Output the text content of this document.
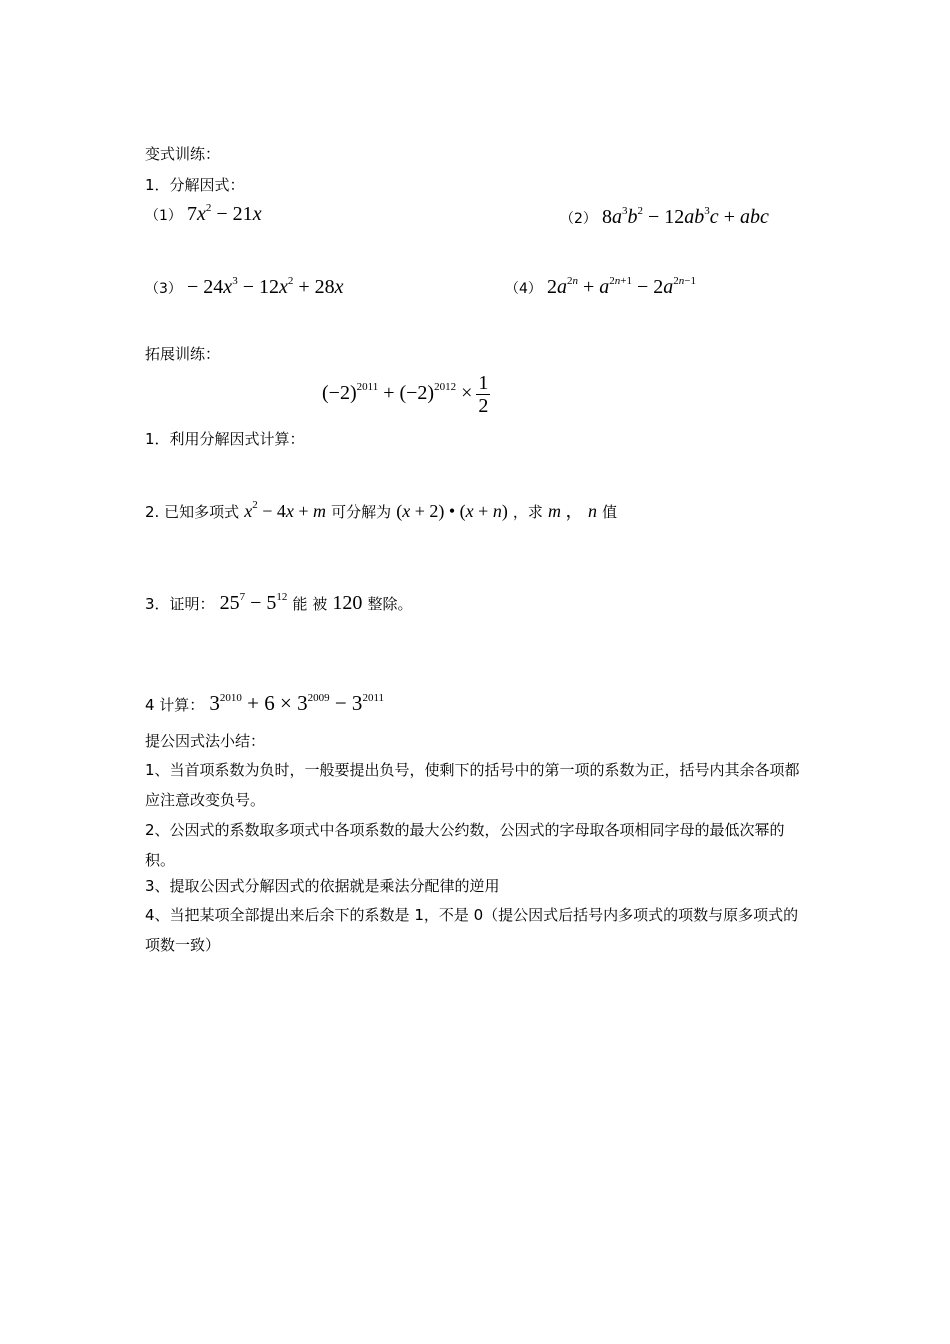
变式训练：
1．分解因式：
（1） $7x^2 - 21x$	（2） $8a^3b^2 - 12ab^3c$ + abc
$(3) - 24x^3 - 12x^2 + 28x$	（4） $2a^{2n} + a^{2n+1} - 2a^{2n-1}$
拓展训练：
$(-2)^{2011} + (-2)^{2012} \times \frac{1}{2}$
1．利用分解因式计算：
2. 已知多项式 $x^2 - 4x + m$ 可分解为 (x + 2) • (x + n) ，求 m ， n 值
3．证明： $25^7 - 5^{12}$ 能 被 120 整除。
4 计算： $3^{2010} + 6 \times 3^{2009} - 3^{2011}$
提公因式法小结：
1、当首项系数为负时，一般要提出负号，使剩下的括号中的第一项的系数为正，括号内其余各项都应注意改变负号。
2、公因式的系数取多项式中各项系数的最大公约数，公因式的字母取各项相同字母的最低次幂的积。
3、提取公因式分解因式的依据就是乘法分配律的逆用
4、当把某项全部提出来后余下的系数是 1，不是 0（提公因式后括号内多项式的项数与原多项式的项数一致）
